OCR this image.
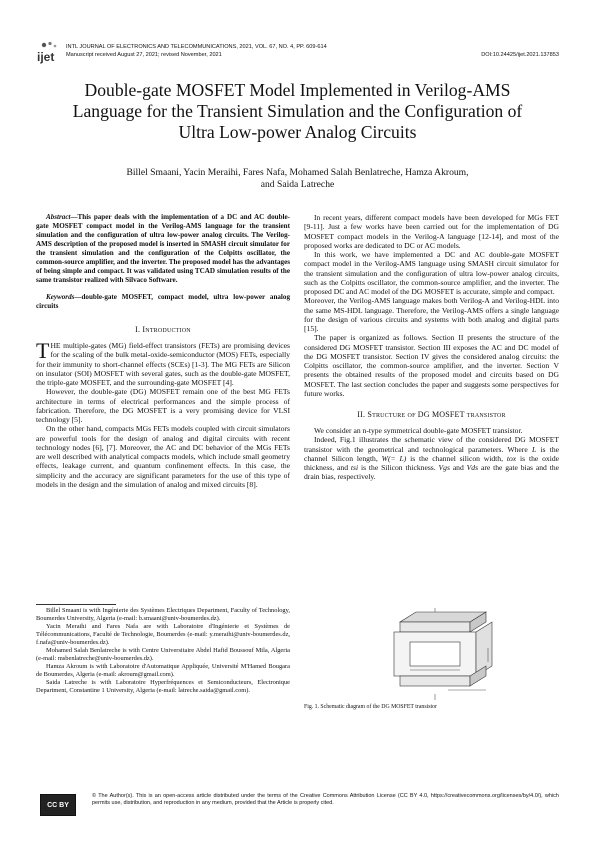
ijet
INTL JOURNAL OF ELECTRONICS AND TELECOMMUNICATIONS, 2021, VOL. 67, NO. 4, PP. 609-614
Manuscript received August 27, 2021; revised November, 2021	DOI:10.24425/ijet.2021.137853
Double-gate MOSFET Model Implemented in Verilog-AMS Language for the Transient Simulation and the Configuration of Ultra Low-power Analog Circuits
Billel Smaani, Yacin Meraihi, Fares Nafa, Mohamed Salah Benlatreche, Hamza Akroum,
and Saida Latreche
Abstract—This paper deals with the implementation of a DC and AC double-gate MOSFET compact model in the Verilog-AMS language for the transient simulation and the configuration of ultra low-power analog circuits. The Verilog-AMS description of the proposed model is inserted in SMASH circuit simulator for the transient simulation and the configuration of the Colpitts oscillator, the common-source amplifier, and the inverter. The proposed model has the advantages of being simple and compact. It was validated using TCAD simulation results of the same transistor realized with Silvaco Software.
Keywords—double-gate MOSFET, compact model, ultra low-power analog circuits
I. Introduction

THE multiple-gates (MG) field-effect transistors (FETs) are promising devices for the scaling of the bulk metal-oxide-semiconductor (MOS) FETs, especially for their immunity to short-channel effects (SCEs) [1-3]. The MG FETs are Silicon on insulator (SOI) MOSFET with several gates, such as the double-gate MOSFET, the triple-gate MOSFET, and the surrounding-gate MOSFET [4].

However, the double-gate (DG) MOSFET remain one of the best MG FETs architecture in terms of electrical performances and the simple process of fabrication. Therefore, the DG MOSFET is a very promising device for VLSI technology [5].

On the other hand, compacts MGs FETs models coupled with circuit simulators are powerful tools for the design of analog and digital circuits with recent technology nodes [6], [7]. Moreover, the AC and DC behavior of the MGs FETs are well described with analytical compacts models, which include small geometry effects, leakage current, and quantum confinement effects. In this case, the simplicity and the accuracy are significant parameters for the use of this type of models in the design and the simulation of analog and mixed circuits [8].

Billel Smaani is with Ingénierie des Systèmes Electriques Department, Faculty of Technology, Boumerdes University, Algeria (e-mail: b.smaani@univ-boumerdes.dz).

Yacin Meraihi and Fares Nafa are with Laboratoire d'Ingénierie et Systèmes de Télécommunications, Faculté de Technologie, Boumerdes (e-mail: y.meraihi@univ-boumerdes.dz, f.nafa@univ-boumerdes.dz).

Mohamed Salah Benlatreche is with Centre Universitaire Abdel Hafid Boussouf Mila, Algeria (e-mail: msbenlatreche@univ-boumerdes.dz).

Hamza Akroum is with Laboratoire d'Automatique Appliquée, Université M'Hamed Bougara de Boumerdes, Algeria (e-mail: akroum@gmail.com).

Saida Latreche is with Laboratoire Hyperfréquences et Semiconducteurs, Electronique Department, Constantine 1 University, Algeria (e-mail: latreche.saida@gmail.com).

In recent years, different compact models have been developed for MGs FET [9-11]. Just a few works have been carried out for the implementation of DG MOSFET compact models in the Verilog-A language [12-14], and most of the proposed works are dedicated to DC or AC models.

In this work, we have implemented a DC and AC double-gate MOSFET compact model in the Verilog-AMS language using SMASH circuit simulator for the transient simulation and the configuration of ultra low-power analog circuits, such as the Colpitts oscillator, the common-source amplifier, and the inverter. The proposed DC and AC model of the DG MOSFET is accurate, simple and compact.

Moreover, the Verilog-AMS language makes both Verilog-A and Verilog-HDL into the same MS-HDL language. Therefore, the Verilog-AMS offers a single language for the design of various circuits and systems with both analog and digital parts [15].

The paper is organized as follows. Section II presents the structure of the considered DG MOSFET transistor. Section III exposes the AC and DC model of the DG MOSFET transistor. Section IV gives the considered analog circuits: the Colpitts oscillator, the common-source amplifier, and the inverter. Section V presents the obtained results of the proposed model and circuits based on DG MOSFET. The last section concludes the paper and suggests some perspectives for future works.

II. Structure of DG MOSFET transistor

We consider an n-type symmetrical double-gate MOSFET transistor.

Indeed, Fig.1 illustrates the schematic view of the considered DG MOSFET transistor with the geometrical and technological parameters. Where L is the channel Silicon length, W(= L) is the channel silicon width, tox is the oxide thickness, and tsi is the Silicon thickness. Vgs and Vds are the gate bias and the drain bias, respectively.

Fig. 1. Schematic diagram of the DG MOSFET transistor
CC BY
© The Author(s). This is an open-access article distributed under the terms of the Creative Commons Attribution License (CC BY 4.0, https://creativecommons.org/licenses/by/4.0/), which permits use, distribution, and reproduction in any medium, provided that the Article is properly cited.
